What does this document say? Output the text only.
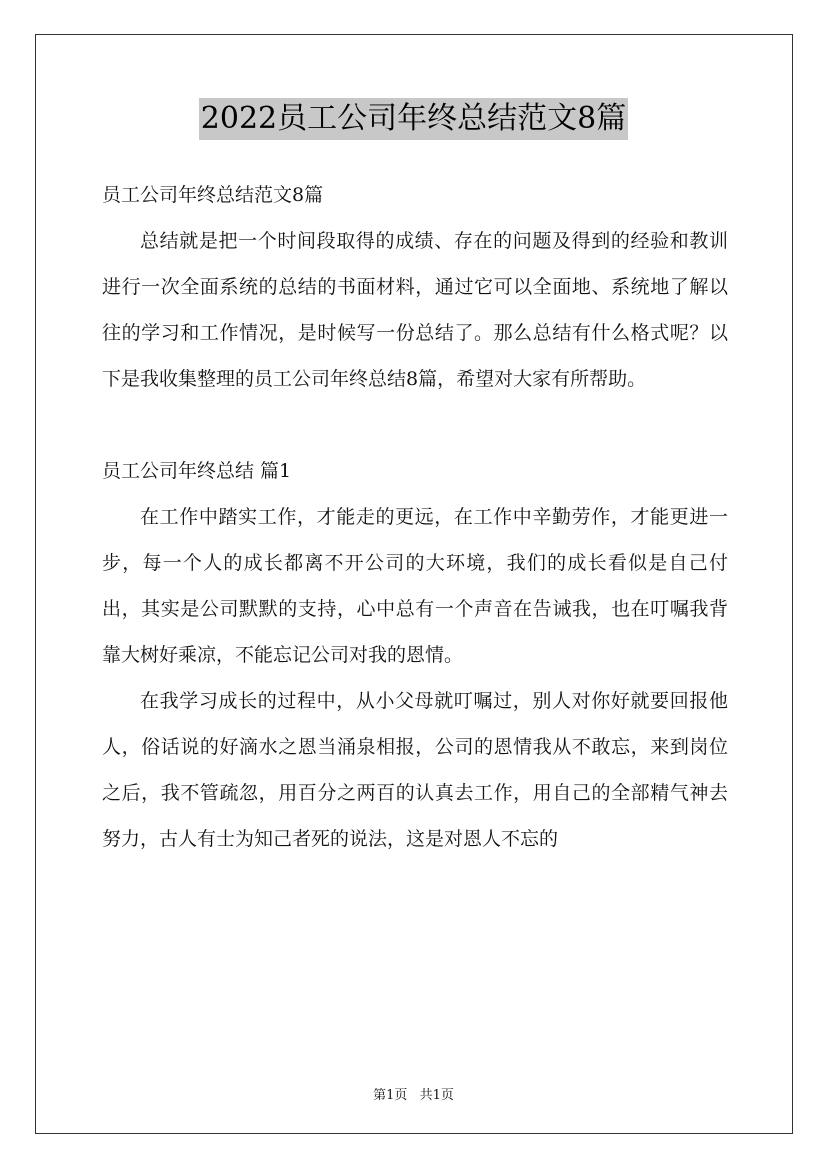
2022员工公司年终总结范文8篇

员工公司年终总结范文8篇

总结就是把一个时间段取得的成绩、存在的问题及得到的经验和教训进行一次全面系统的总结的书面材料，通过它可以全面地、系统地了解以往的学习和工作情况，是时候写一份总结了。那么总结有什么格式呢？以下是我收集整理的员工公司年终总结8篇，希望对大家有所帮助。

员工公司年终总结 篇1

在工作中踏实工作，才能走的更远，在工作中辛勤劳作，才能更进一步，每一个人的成长都离不开公司的大环境，我们的成长看似是自己付出，其实是公司默默的支持，心中总有一个声音在告诫我，也在叮嘱我背靠大树好乘凉，不能忘记公司对我的恩情。

在我学习成长的过程中，从小父母就叮嘱过，别人对你好就要回报他人，俗话说的好滴水之恩当涌泉相报，公司的恩情我从不敢忘，来到岗位之后，我不管疏忽，用百分之两百的认真去工作，用自己的全部精气神去努力，古人有士为知己者死的说法，这是对恩人不忘的

第1页 共1页
